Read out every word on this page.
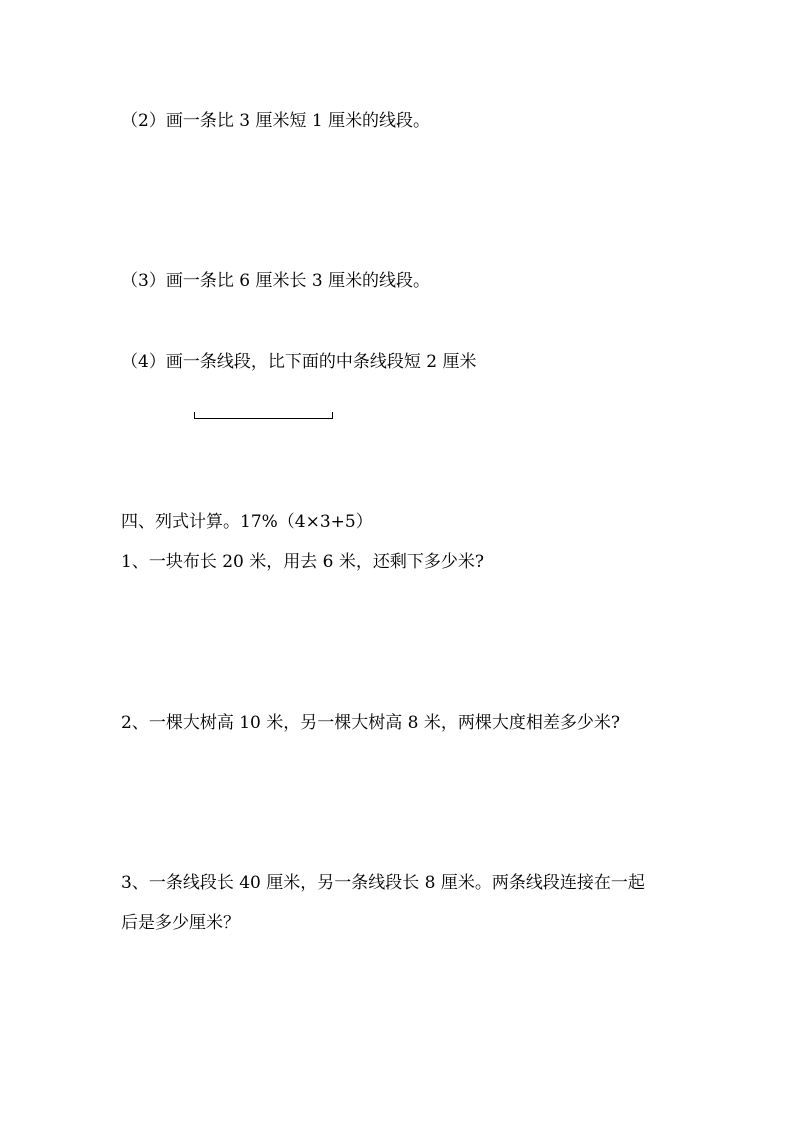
（2）画一条比 3 厘米短 1 厘米的线段。
（3）画一条比 6 厘米长 3 厘米的线段。
（4）画一条线段，比下面的中条线段短 2 厘米
四、列式计算。17%（4×3+5）
1、一块布长 20 米，用去 6 米，还剩下多少米?
2、一棵大树高 10 米，另一棵大树高 8 米，两棵大度相差多少米?
3、一条线段长 40 厘米，另一条线段长 8 厘米。两条线段连接在一起
后是多少厘米？
